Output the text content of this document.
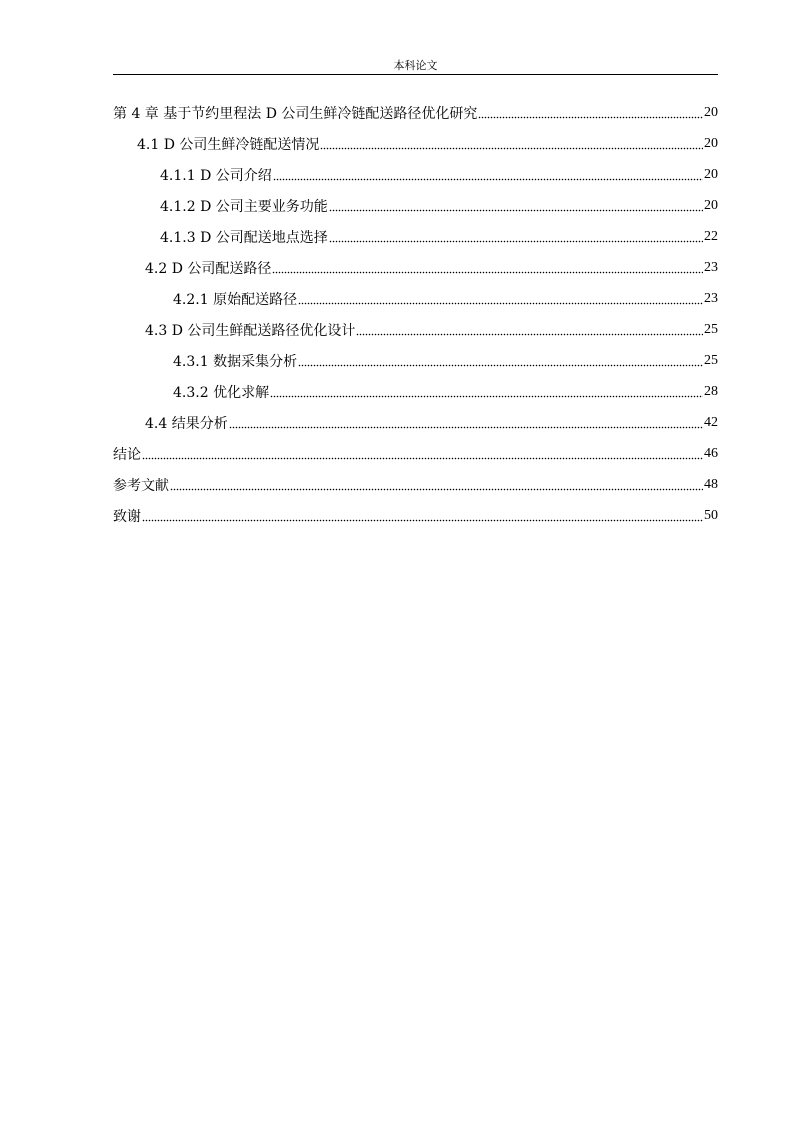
本科论文
第 4 章 基于节约里程法 D 公司生鲜冷链配送路径优化研究	20
4.1 D 公司生鲜冷链配送情况	20
4.1.1 D 公司介绍	20
4.1.2 D 公司主要业务功能	20
4.1.3 D 公司配送地点选择	22
4.2 D 公司配送路径	23
4.2.1 原始配送路径	23
4.3 D 公司生鲜配送路径优化设计	25
4.3.1 数据采集分析	25
4.3.2 优化求解	28
4.4 结果分析	42
结论	46
参考文献	48
致谢	50
